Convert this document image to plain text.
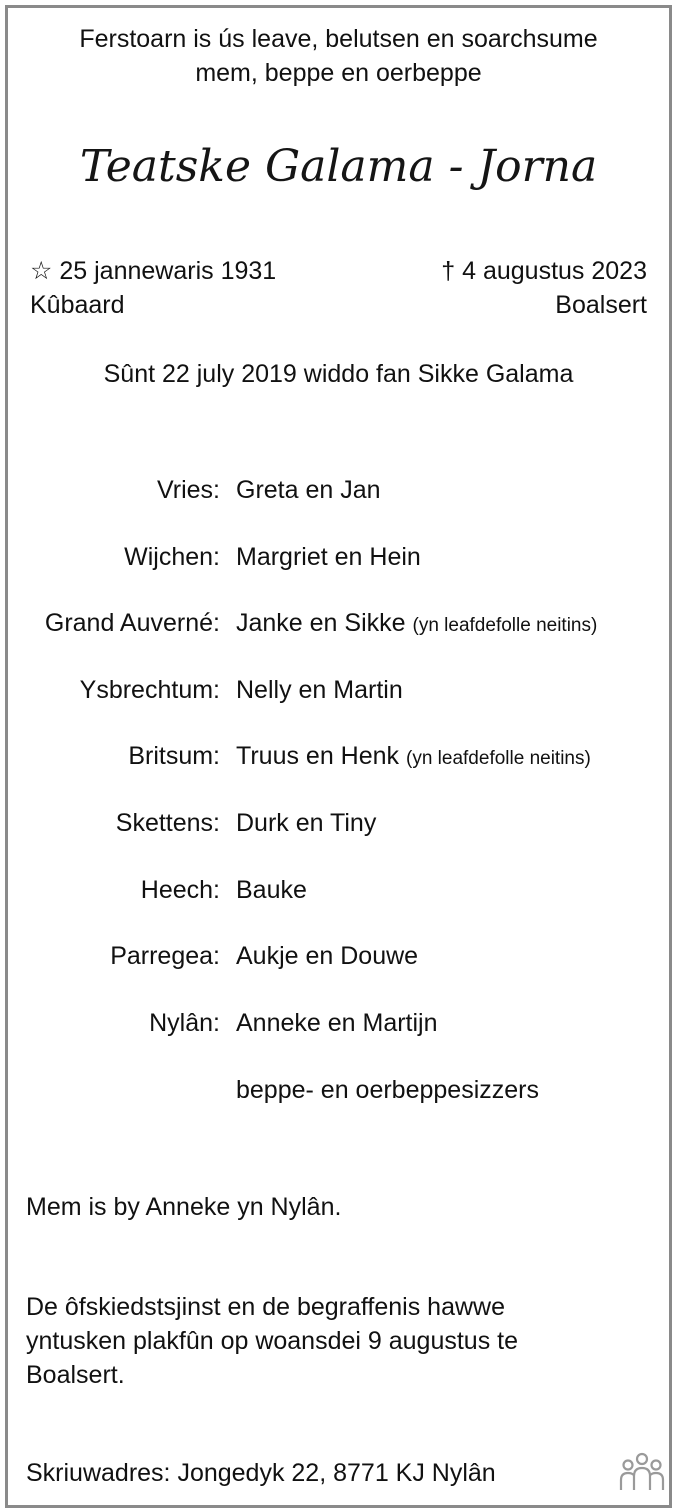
Ferstoarn is ús leave, belutsen en soarchsume
mem, beppe en oerbeppe
Teatske Galama - Jorna
☆ 25 jannewaris 1931	† 4 augustus 2023
Kûbaard	Boalsert
Sûnt 22 july 2019 widdo fan Sikke Galama
Vries: Greta en Jan
Wijchen: Margriet en Hein
Grand Auverné: Janke en Sikke (yn leafdefolle neitins)
Ysbrechtum: Nelly en Martin
Britsum: Truus en Henk (yn leafdefolle neitins)
Skettens: Durk en Tiny
Heech: Bauke
Parregea: Aukje en Douwe
Nylân: Anneke en Martijn
beppe- en oerbeppesizzers
Mem is by Anneke yn Nylân.
De ôfskiedstsjinst en de begraffenis hawwe
yntusken plakfûn op woansdei 9 augustus te
Boalsert.
Skriuwadres: Jongedyk 22, 8771 KJ Nylân
